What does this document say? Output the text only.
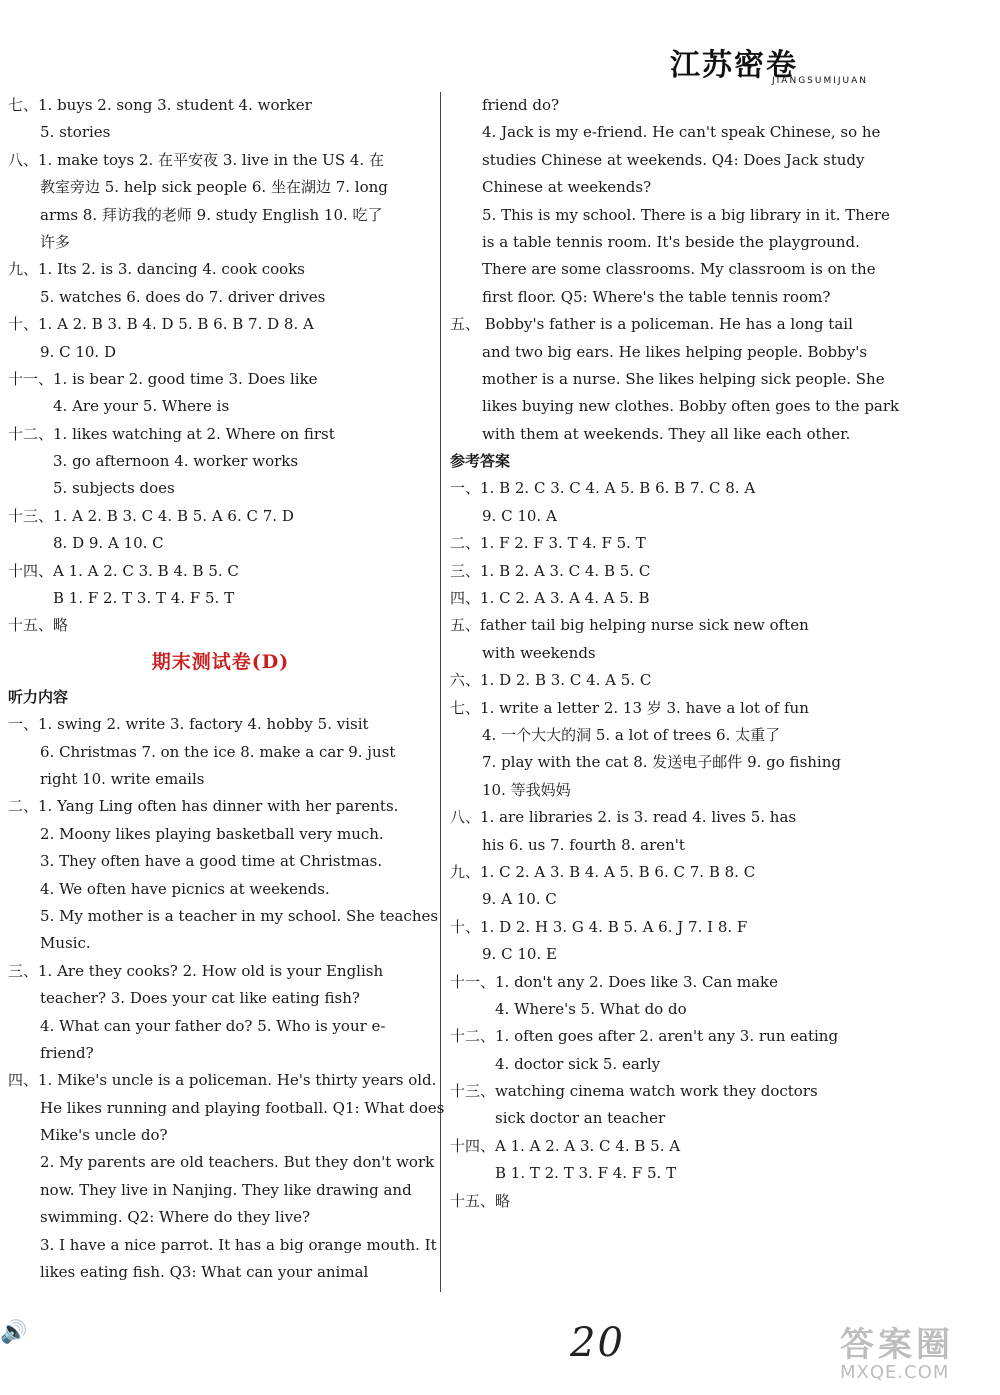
江苏密卷
JIANGSUMIJUAN
七、1. buys 2. song 3. student 4. worker
5. stories
八、1. make toys 2. 在平安夜 3. live in the US 4. 在
教室旁边 5. help sick people 6. 坐在湖边 7. long
arms 8. 拜访我的老师 9. study English 10. 吃了
许多
九、1. Its 2. is 3. dancing 4. cook cooks
5. watches 6. does do 7. driver drives
十、1. A 2. B 3. B 4. D 5. B 6. B 7. D 8. A
9. C 10. D
十一、1. is bear 2. good time 3. Does like
4. Are your 5. Where is
十二、1. likes watching at 2. Where on first
3. go afternoon 4. worker works
5. subjects does
十三、1. A 2. B 3. C 4. B 5. A 6. C 7. D
8. D 9. A 10. C
十四、A 1. A 2. C 3. B 4. B 5. C
B 1. F 2. T 3. T 4. F 5. T
十五、略
期末测试卷(D)
听力内容
一、1. swing 2. write 3. factory 4. hobby 5. visit
6. Christmas 7. on the ice 8. make a car 9. just
right 10. write emails
二、1. Yang Ling often has dinner with her parents.
2. Moony likes playing basketball very much.
3. They often have a good time at Christmas.
4. We often have picnics at weekends.
5. My mother is a teacher in my school. She teaches
Music.
三、1. Are they cooks? 2. How old is your English
teacher? 3. Does your cat like eating fish?
4. What can your father do? 5. Who is your e-
friend?
四、1. Mike's uncle is a policeman. He's thirty years old.
He likes running and playing football. Q1: What does
Mike's uncle do?
2. My parents are old teachers. But they don't work
now. They live in Nanjing. They like drawing and
swimming. Q2: Where do they live?
3. I have a nice parrot. It has a big orange mouth. It
likes eating fish. Q3: What can your animal
friend do?
4. Jack is my e-friend. He can't speak Chinese, so he
studies Chinese at weekends. Q4: Does Jack study
Chinese at weekends?
5. This is my school. There is a big library in it. There
is a table tennis room. It's beside the playground.
There are some classrooms. My classroom is on the
first floor. Q5: Where's the table tennis room?
五、 Bobby's father is a policeman. He has a long tail
and two big ears. He likes helping people. Bobby's
mother is a nurse. She likes helping sick people. She
likes buying new clothes. Bobby often goes to the park
with them at weekends. They all like each other.
参考答案
一、1. B 2. C 3. C 4. A 5. B 6. B 7. C 8. A
9. C 10. A
二、1. F 2. F 3. T 4. F 5. T
三、1. B 2. A 3. C 4. B 5. C
四、1. C 2. A 3. A 4. A 5. B
五、father tail big helping nurse sick new often
with weekends
六、1. D 2. B 3. C 4. A 5. C
七、1. write a letter 2. 13 岁 3. have a lot of fun
4. 一个大大的洞 5. a lot of trees 6. 太重了
7. play with the cat 8. 发送电子邮件 9. go fishing
10. 等我妈妈
八、1. are libraries 2. is 3. read 4. lives 5. has
his 6. us 7. fourth 8. aren't
九、1. C 2. A 3. B 4. A 5. B 6. C 7. B 8. C
9. A 10. C
十、1. D 2. H 3. G 4. B 5. A 6. J 7. I 8. F
9. C 10. E
十一、1. don't any 2. Does like 3. Can make
4. Where's 5. What do do
十二、1. often goes after 2. aren't any 3. run eating
4. doctor sick 5. early
十三、watching cinema watch work they doctors
sick doctor an teacher
十四、A 1. A 2. A 3. C 4. B 5. A
B 1. T 2. T 3. F 4. F 5. T
十五、略
🔊	20	答案圈
MXQE.COM
